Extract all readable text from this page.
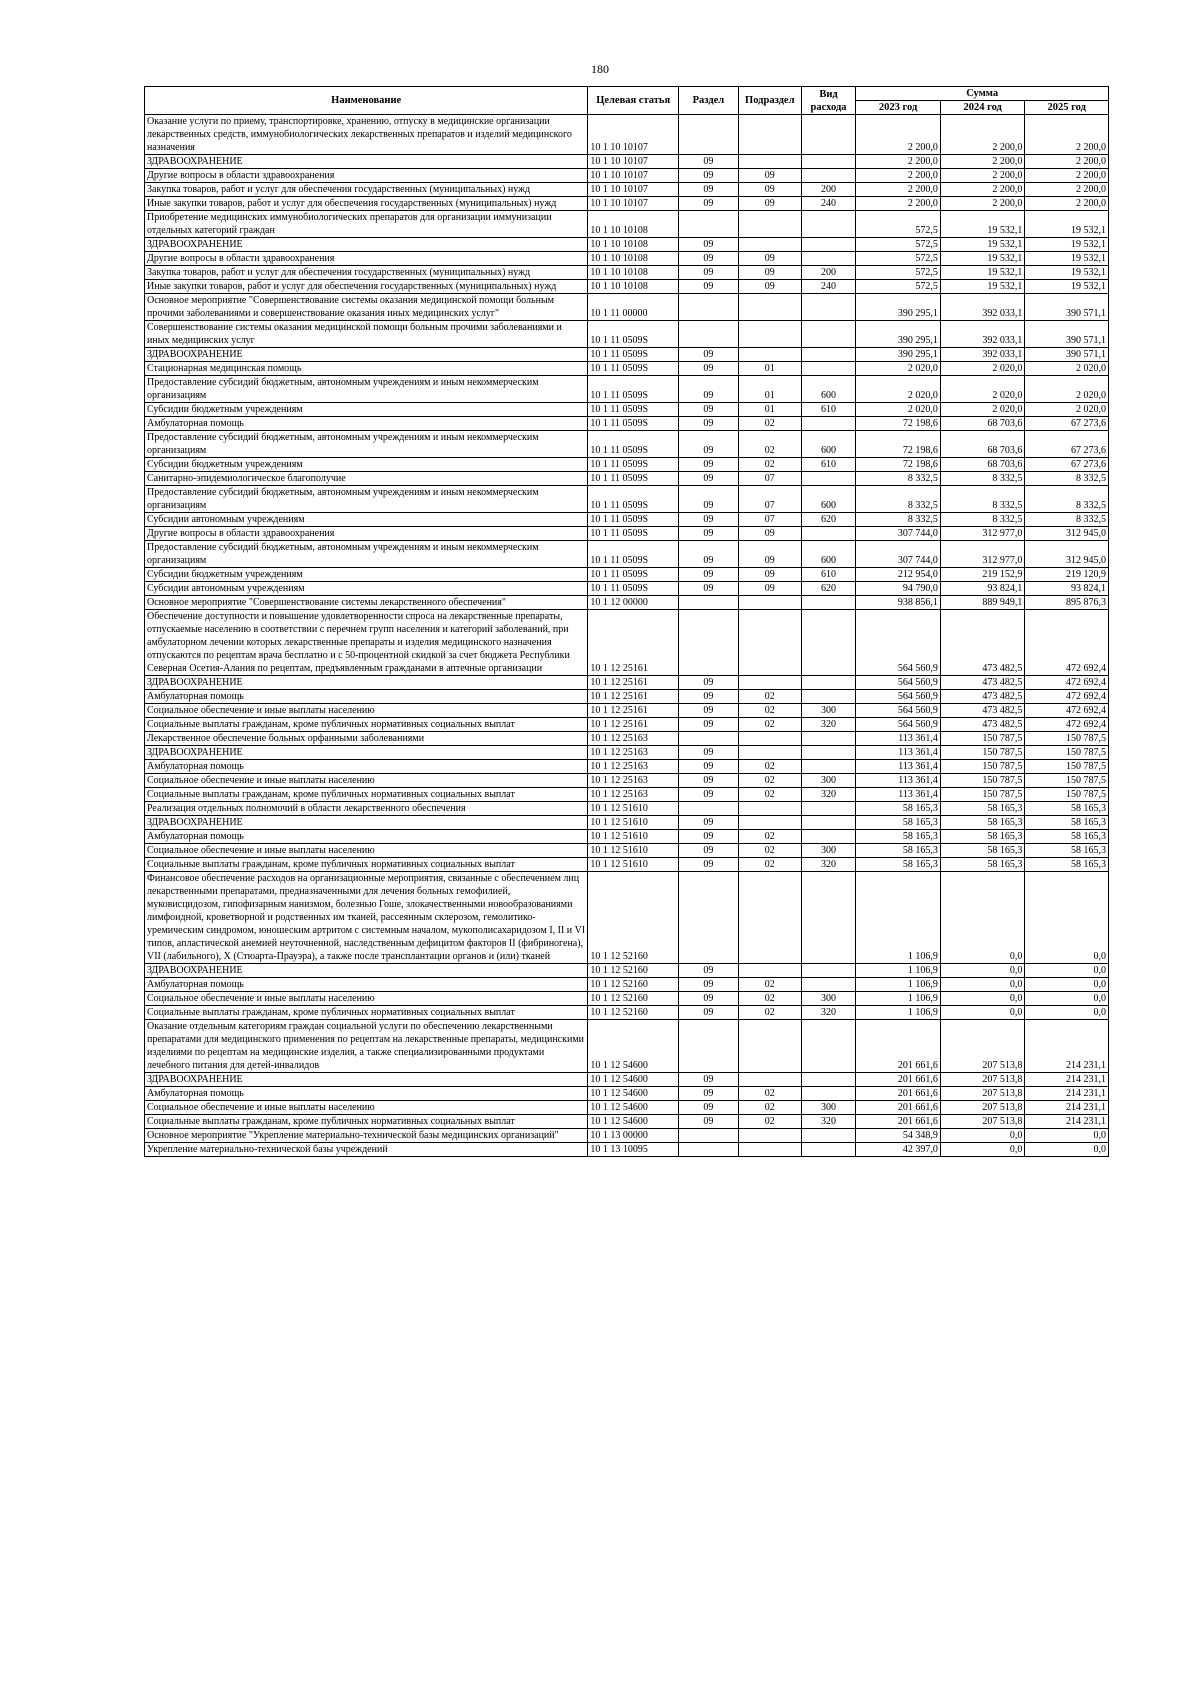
180
Наименование	Целевая статья	Раздел	Подраздел	Вид расхода	Сумма		
					2023 год	2024 год	2025 год
Оказание услуги по приему, транспортировке, хранению, отпуску в медицинские организации лекарственных средств, иммунобиологических лекарственных препаратов и изделий медицинского назначения	10 1 10 10107				2 200,0	2 200,0	2 200,0
ЗДРАВООХРАНЕНИЕ	10 1 10 10107	09			2 200,0	2 200,0	2 200,0
Другие вопросы в области здравоохранения	10 1 10 10107	09	09		2 200,0	2 200,0	2 200,0
Закупка товаров, работ и услуг для обеспечения государственных (муниципальных) нужд	10 1 10 10107	09	09	200	2 200,0	2 200,0	2 200,0
Иные закупки товаров, работ и услуг для обеспечения государственных (муниципальных) нужд	10 1 10 10107	09	09	240	2 200,0	2 200,0	2 200,0
Приобретение медицинских иммунобиологических препаратов для организации иммунизации отдельных категорий граждан	10 1 10 10108				572,5	19 532,1	19 532,1
ЗДРАВООХРАНЕНИЕ	10 1 10 10108	09			572,5	19 532,1	19 532,1
Другие вопросы в области здравоохранения	10 1 10 10108	09	09		572,5	19 532,1	19 532,1
Закупка товаров, работ и услуг для обеспечения государственных (муниципальных) нужд	10 1 10 10108	09	09	200	572,5	19 532,1	19 532,1
Иные закупки товаров, работ и услуг для обеспечения государственных (муниципальных) нужд	10 1 10 10108	09	09	240	572,5	19 532,1	19 532,1
Основное мероприятие "Совершенствование системы оказания медицинской помощи больным прочими заболеваниями и совершенствование оказания иных медицинских услуг"	10 1 11 00000				390 295,1	392 033,1	390 571,1
Совершенствование системы оказания медицинской помощи больным прочими заболеваниями и иных медицинских услуг	10 1 11 0509S				390 295,1	392 033,1	390 571,1
ЗДРАВООХРАНЕНИЕ	10 1 11 0509S	09			390 295,1	392 033,1	390 571,1
Стационарная медицинская помощь	10 1 11 0509S	09	01		2 020,0	2 020,0	2 020,0
Предоставление субсидий бюджетным, автономным учреждениям и иным некоммерческим организациям	10 1 11 0509S	09	01	600	2 020,0	2 020,0	2 020,0
Субсидии бюджетным учреждениям	10 1 11 0509S	09	01	610	2 020,0	2 020,0	2 020,0
Амбулаторная помощь	10 1 11 0509S	09	02		72 198,6	68 703,6	67 273,6
Предоставление субсидий бюджетным, автономным учреждениям и иным некоммерческим организациям	10 1 11 0509S	09	02	600	72 198,6	68 703,6	67 273,6
Субсидии бюджетным учреждениям	10 1 11 0509S	09	02	610	72 198,6	68 703,6	67 273,6
Санитарно-эпидемиологическое благополучие	10 1 11 0509S	09	07		8 332,5	8 332,5	8 332,5
Предоставление субсидий бюджетным, автономным учреждениям и иным некоммерческим организациям	10 1 11 0509S	09	07	600	8 332,5	8 332,5	8 332,5
Субсидии автономным учреждениям	10 1 11 0509S	09	07	620	8 332,5	8 332,5	8 332,5
Другие вопросы в области здравоохранения	10 1 11 0509S	09	09		307 744,0	312 977,0	312 945,0
Предоставление субсидий бюджетным, автономным учреждениям и иным некоммерческим организациям	10 1 11 0509S	09	09	600	307 744,0	312 977,0	312 945,0
Субсидии бюджетным учреждениям	10 1 11 0509S	09	09	610	212 954,0	219 152,9	219 120,9
Субсидии автономным учреждениям	10 1 11 0509S	09	09	620	94 790,0	93 824,1	93 824,1
Основное мероприятие "Совершенствование системы лекарственного обеспечения"	10 1 12 00000				938 856,1	889 949,1	895 876,3
Обеспечение доступности и повышение удовлетворенности спроса на лекарственные препараты, отпускаемые населению в соответствии с перечнем групп населения и категорий заболеваний, при амбулаторном лечении которых лекарственные препараты и изделия медицинского назначения отпускаются по рецептам врача бесплатно и с 50-процентной скидкой за счет бюджета Республики Северная Осетия-Алания по рецептам, предъявленным гражданами в аптечные организации	10 1 12 25161				564 560,9	473 482,5	472 692,4
ЗДРАВООХРАНЕНИЕ	10 1 12 25161	09			564 560,9	473 482,5	472 692,4
Амбулаторная помощь	10 1 12 25161	09	02		564 560,9	473 482,5	472 692,4
Социальное обеспечение и иные выплаты населению	10 1 12 25161	09	02	300	564 560,9	473 482,5	472 692,4
Социальные выплаты гражданам, кроме публичных нормативных социальных выплат	10 1 12 25161	09	02	320	564 560,9	473 482,5	472 692,4
Лекарственное обеспечение больных орфанными заболеваниями	10 1 12 25163				113 361,4	150 787,5	150 787,5
ЗДРАВООХРАНЕНИЕ	10 1 12 25163	09			113 361,4	150 787,5	150 787,5
Амбулаторная помощь	10 1 12 25163	09	02		113 361,4	150 787,5	150 787,5
Социальное обеспечение и иные выплаты населению	10 1 12 25163	09	02	300	113 361,4	150 787,5	150 787,5
Социальные выплаты гражданам, кроме публичных нормативных социальных выплат	10 1 12 25163	09	02	320	113 361,4	150 787,5	150 787,5
Реализация отдельных полномочий в области лекарственного обеспечения	10 1 12 51610				58 165,3	58 165,3	58 165,3
ЗДРАВООХРАНЕНИЕ	10 1 12 51610	09			58 165,3	58 165,3	58 165,3
Амбулаторная помощь	10 1 12 51610	09	02		58 165,3	58 165,3	58 165,3
Социальное обеспечение и иные выплаты населению	10 1 12 51610	09	02	300	58 165,3	58 165,3	58 165,3
Социальные выплаты гражданам, кроме публичных нормативных социальных выплат	10 1 12 51610	09	02	320	58 165,3	58 165,3	58 165,3
Финансовое обеспечение расходов на организационные мероприятия, связанные с обеспечением лиц лекарственными препаратами, предназначенными для лечения больных гемофилией, муковисцидозом, гипофизарным нанизмом, болезнью Гоше, злокачественными новообразованиями лимфоидной, кроветворной и родственных им тканей, рассеянным склерозом, гемолитико-уремическим синдромом, юношеским артритом с системным началом, мукополисахаридозом I, II и VI типов, апластической анемией неуточненной, наследственным дефицитом факторов II (фибриногена), VII (лабильного), X (Стюарта-Прауэра), а также после трансплантации органов и (или) тканей	10 1 12 52160				1 106,9	0,0	0,0
ЗДРАВООХРАНЕНИЕ	10 1 12 52160	09			1 106,9	0,0	0,0
Амбулаторная помощь	10 1 12 52160	09	02		1 106,9	0,0	0,0
Социальное обеспечение и иные выплаты населению	10 1 12 52160	09	02	300	1 106,9	0,0	0,0
Социальные выплаты гражданам, кроме публичных нормативных социальных выплат	10 1 12 52160	09	02	320	1 106,9	0,0	0,0
Оказание отдельным категориям граждан социальной услуги по обеспечению лекарственными препаратами для медицинского применения по рецептам на лекарственные препараты, медицинскими изделиями по рецептам на медицинские изделия, а также специализированными продуктами лечебного питания для детей-инвалидов	10 1 12 54600				201 661,6	207 513,8	214 231,1
ЗДРАВООХРАНЕНИЕ	10 1 12 54600	09			201 661,6	207 513,8	214 231,1
Амбулаторная помощь	10 1 12 54600	09	02		201 661,6	207 513,8	214 231,1
Социальное обеспечение и иные выплаты населению	10 1 12 54600	09	02	300	201 661,6	207 513,8	214 231,1
Социальные выплаты гражданам, кроме публичных нормативных социальных выплат	10 1 12 54600	09	02	320	201 661,6	207 513,8	214 231,1
Основное мероприятие "Укрепление материально-технической базы медицинских организаций"	10 1 13 00000				54 348,9	0,0	0,0
Укрепление материально-технической базы учреждений	10 1 13 10095				42 397,0	0,0	0,0
